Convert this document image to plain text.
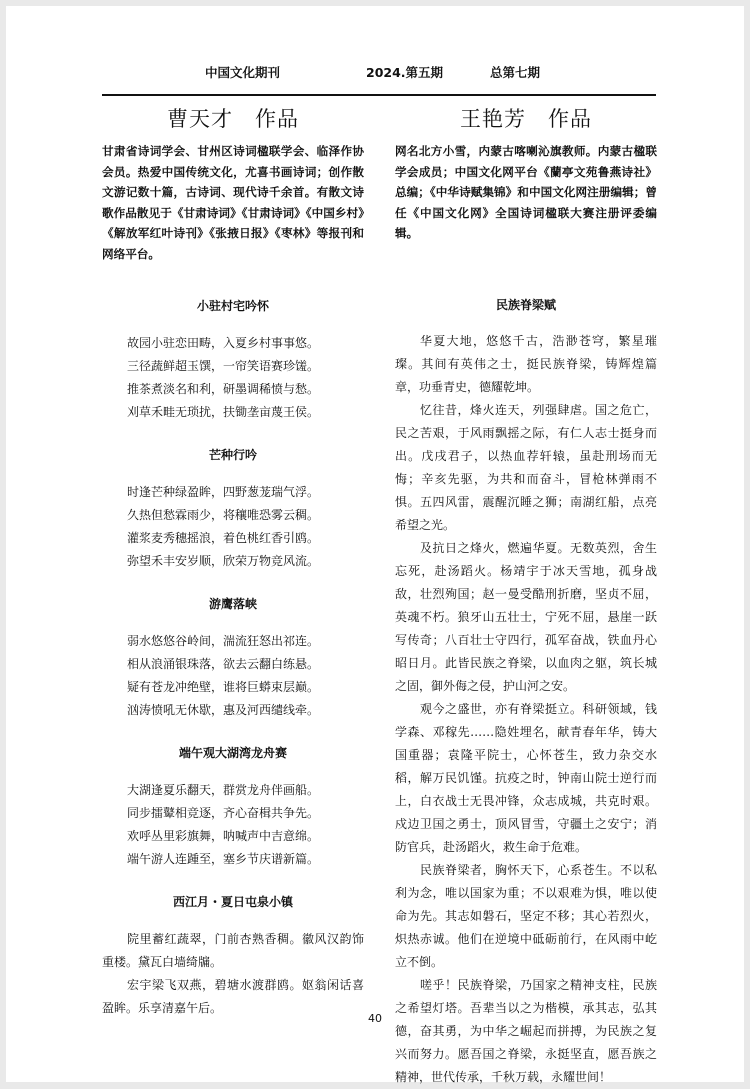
中国文化期刊	2024.第五期	总第七期
曹天才　作品
甘肃省诗词学会、甘州区诗词楹联学会、临泽作协会员。热爱中国传统文化，尤喜书画诗词；创作散文游记数十篇，古诗词、现代诗千余首。有散文诗歌作品散见于《甘肃诗词》《甘肃诗词》《中国乡村》《解放军红叶诗刊》《张掖日报》《枣林》等报刊和网络平台。
小驻村宅吟怀
故园小驻恋田畴，入夏乡村事事悠。
三径蔬鲜超玉馔，一帘笑语赛珍馐。
推茶煮淡名和利，研墨调稀愤与愁。
刈草禾畦无琐扰，扶锄垄亩蔑王侯。
芒种行吟
时逢芒种绿盈眸，四野葱茏瑞气浮。
久热但愁霖雨少，将穰唯恐雾云稠。
灌浆麦秀穗摇浪，着色桃红香引鸥。
弥望禾丰安岁顺，欣荣万物竞风流。
游鹰落峡
弱水悠悠谷岭间，湍流狂怒出祁连。
相从浪涌银珠落，欲去云翻白练悬。
疑有苍龙冲绝壁，谁将巨蟒束层巅。
汹涛愤吼无休歇，惠及河西缱线牵。
端午观大湖湾龙舟赛
大湖逢夏乐翻天，群赏龙舟伴画船。
同步擂鼙相竞逐，齐心奋楫共争先。
欢呼丛里彩旗舞，呐喊声中吉意绵。
端午游人连踵至，塞乡节庆谱新篇。
西江月・夏日屯泉小镇
院里蓄红蔬翠，门前杏熟香稠。徽风汉韵饰重楼。黛瓦白墙绮牖。
宏宇梁飞双燕，碧塘水渡群鸥。妪翁闲话喜盈眸。乐享清嘉午后。
王艳芳　作品
网名北方小雪，内蒙古喀喇沁旗教师。内蒙古楹联学会成员；中国文化网平台《蘭亭文苑鲁燕诗社》总编；《中华诗赋集锦》和中国文化网注册编辑；曾任《中国文化网》全国诗词楹联大赛注册评委编辑。
民族脊梁赋
华夏大地，悠悠千古，浩渺苍穹，繁星璀璨。其间有英伟之士，挺民族脊梁，铸辉煌篇章，功垂青史，德耀乾坤。
忆往昔，烽火连天，列强肆虐。国之危亡，民之苦艰，于风雨飘摇之际，有仁人志士挺身而出。戊戌君子，以热血荐轩辕，虽赴刑场而无悔；辛亥先驱，为共和而奋斗，冒枪林弹雨不惧。五四风雷，震醒沉睡之狮；南湖红船，点亮希望之光。
及抗日之烽火，燃遍华夏。无数英烈，舍生忘死，赴汤蹈火。杨靖宇于冰天雪地，孤身战敌，壮烈殉国；赵一曼受酷刑折磨，坚贞不屈，英魂不朽。狼牙山五壮士，宁死不屈，悬崖一跃写传奇；八百壮士守四行，孤军奋战，铁血丹心昭日月。此皆民族之脊梁，以血肉之躯，筑长城之固，御外侮之侵，护山河之安。
观今之盛世，亦有脊梁挺立。科研领域，钱学森、邓稼先……隐姓埋名，献青春年华，铸大国重器；袁隆平院士，心怀苍生，致力杂交水稻，解万民饥馑。抗疫之时，钟南山院士逆行而上，白衣战士无畏冲锋，众志成城，共克时艰。戍边卫国之勇士，顶风冒雪，守疆土之安宁；消防官兵，赴汤蹈火，救生命于危难。
民族脊梁者，胸怀天下，心系苍生。不以私利为念，唯以国家为重；不以艰难为惧，唯以使命为先。其志如磐石，坚定不移；其心若烈火，炽热赤诚。他们在逆境中砥砺前行，在风雨中屹立不倒。
嗟乎！民族脊梁，乃国家之精神支柱，民族之希望灯塔。吾辈当以之为楷模，承其志，弘其德，奋其勇，为中华之崛起而拼搏，为民族之复兴而努力。愿吾国之脊梁，永挺坚直，愿吾族之精神，世代传承，千秋万载，永耀世间！
40
